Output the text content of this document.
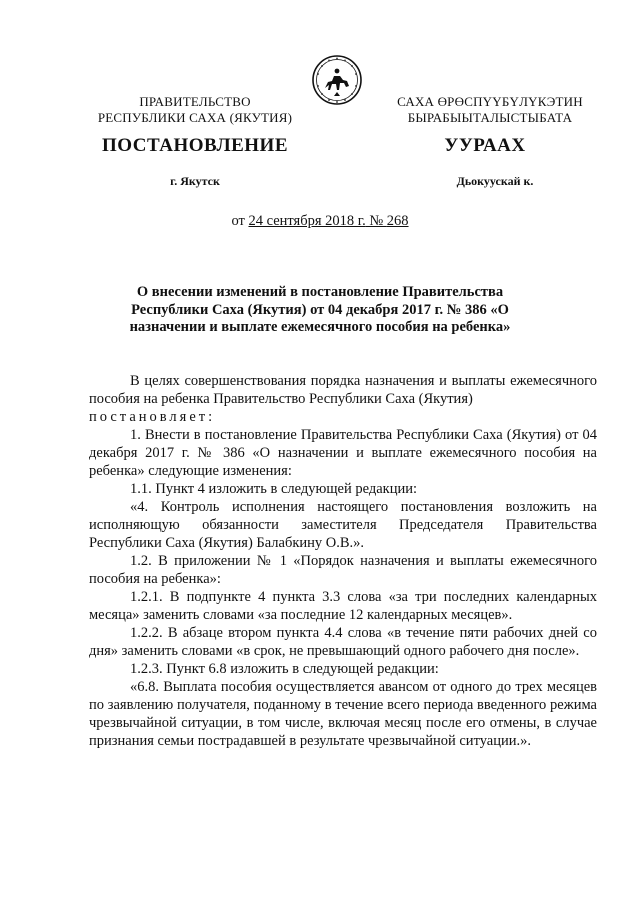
ПРАВИТЕЛЬСТВО
РЕСПУБЛИКИ САХА (ЯКУТИЯ)
САХА ӨРӨСПҮҮБҮЛҮКЭТИН
БЫРАБЫЫТАЛЫСТЫБАТА
ПОСТАНОВЛЕНИЕ	УУРААХ
г. Якутск	Дьокуускай к.
от 24 сентября 2018 г. № 268
О внесении изменений в постановление Правительства Республики Саха (Якутия) от 04 декабря 2017 г. № 386 «О назначении и выплате ежемесячного пособия на ребенка»

В целях совершенствования порядка назначения и выплаты ежемесячного пособия на ребенка Правительство Республики Саха (Якутия)

постановляет:

1. Внести в постановление Правительства Республики Саха (Якутия) от 04 декабря 2017 г. № 386 «О назначении и выплате ежемесячного пособия на ребенка» следующие изменения:

1.1. Пункт 4 изложить в следующей редакции:

«4. Контроль исполнения настоящего постановления возложить на исполняющую обязанности заместителя Председателя Правительства Республики Саха (Якутия) Балабкину О.В.».

1.2. В приложении № 1 «Порядок назначения и выплаты ежемесячного пособия на ребенка»:

1.2.1. В подпункте 4 пункта 3.3 слова «за три последних календарных месяца» заменить словами «за последние 12 календарных месяцев».

1.2.2. В абзаце втором пункта 4.4 слова «в течение пяти рабочих дней со дня» заменить словами «в срок, не превышающий одного рабочего дня после».

1.2.3. Пункт 6.8 изложить в следующей редакции:

«6.8. Выплата пособия осуществляется авансом от одного до трех месяцев по заявлению получателя, поданному в течение всего периода введенного режима чрезвычайной ситуации, в том числе, включая месяц после его отмены, в случае признания семьи пострадавшей в результате чрезвычайной ситуации.».
